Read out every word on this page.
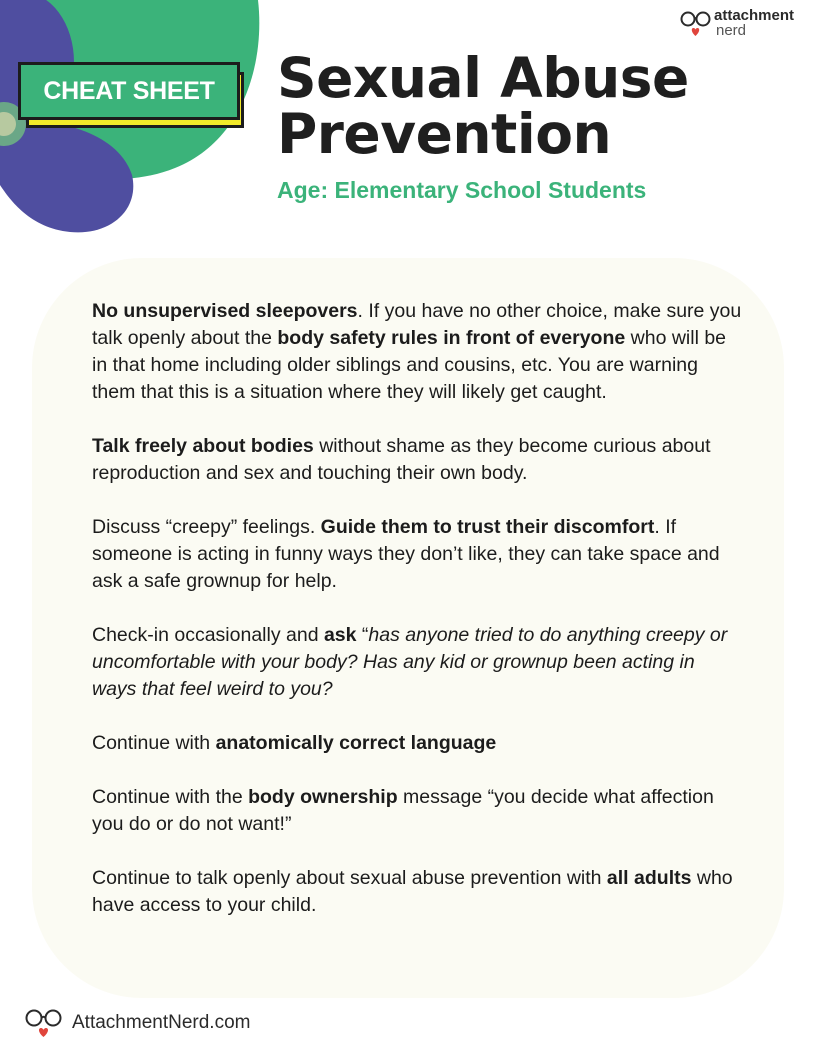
CHEAT SHEET
attachment
nerd
Sexual Abuse
Prevention
Age: Elementary School Students

No unsupervised sleepovers. If you have no other choice, make sure you talk openly about the body safety rules in front of everyone who will be in that home including older siblings and cousins, etc. You are warning them that this is a situation where they will likely get caught.

Talk freely about bodies without shame as they become curious about reproduction and sex and touching their own body.

Discuss “creepy” feelings. Guide them to trust their discomfort. If someone is acting in funny ways they don’t like, they can take space and ask a safe grownup for help.

Check-in occasionally and ask “has anyone tried to do anything creepy or uncomfortable with your body? Has any kid or grownup been acting in ways that feel weird to you?

Continue with anatomically correct language

Continue with the body ownership message “you decide what affection you do or do not want!”

Continue to talk openly about sexual abuse prevention with all adults who have access to your child.

AttachmentNerd.com
